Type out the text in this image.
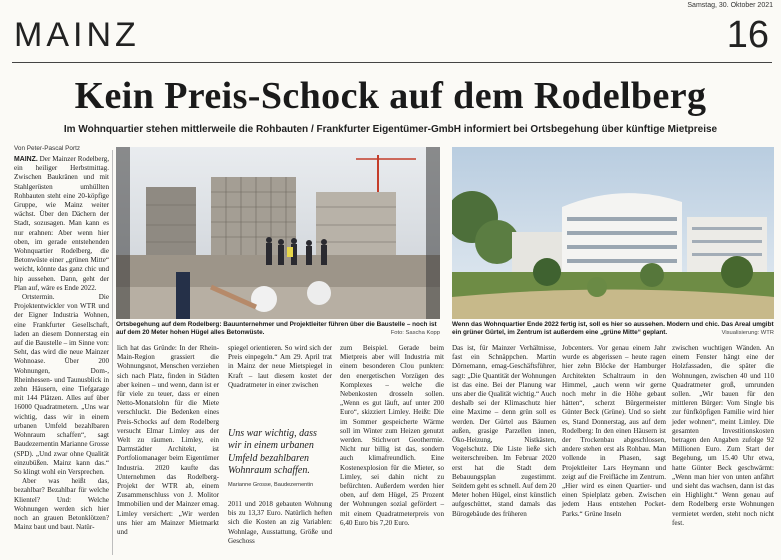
Samstag, 30. Oktober 2021
MAINZ	16
Kein Preis-Schock auf dem Rodelberg
Im Wohnquartier stehen mittlerweile die Rohbauten / Frankfurter Eigentümer-GmbH informiert bei Ortsbegehung über künftige Mietpreise
Von Peter-Pascal Portz

MAINZ. Der Mainzer Rodelberg, ein heiliger Herbstmittag. Zwischen Baukränen und mit Stahlgerüsten umhüllten Rohbauten steht eine 20-köpfige Gruppe, wie Mainz weiter wächst. Über den Dächern der Stadt, sozusagen. Man kann es nur erahnen: Aber wenn hier oben, im gerade entstehenden Wohnquartier Rodelberg, die Betonwüste einer „grünen Mitte“ weicht, könnte das ganz chic und hip aussehen. Dann, geht der Plan auf, wäre es Ende 2022.

Ortstermin. Die Projektentwickler von WTR und der Eigner Industria Wohnen, eine Frankfurter Gesellschaft, laden an diesem Donnerstag ein auf die Baustelle – im Sinne von: Seht, das wird die neue Mainzer Wohnoase. Über 200 Wohnungen, Dom-, Rheinhessen- und Taunusblick in zehn Häusern, eine Tiefgarage mit 144 Plätzen. Alles auf über 16000 Quadratmetern. „Uns war wichtig, dass wir in einem urbanen Umfeld bezahlbaren Wohnraum schaffen“, sagt Baudezernentin Marianne Grosse (SPD). „Und zwar ohne Qualität einzubüßen. Mainz kann das.“ So klingt wohl ein Versprechen.

Aber was heißt das, bezahlbar? Bezahlbar für welche Klientel? Und: Welche Wohnungen werden sich hier noch an grauen Betonklötzen? Mainz baut und baut. Natür-

Ortsbegehung auf dem Rodelberg: Bauunternehmer und Projektleiter führen über die Baustelle – noch ist auf dem 20 Meter hohen Hügel alles Betonwüste.	Foto: Sascha Kopp
Wenn das Wohnquartier Ende 2022 fertig ist, soll es hier so aussehen. Modern und chic. Das Areal umgibt ein grüner Gürtel, im Zentrum ist außerdem eine „grüne Mitte“ geplant.	Visualisierung: WTR
lich hat das Gründe: In der Rhein-Main-Region grassiert die Wohnungsnot, Menschen verziehen sich nach Platz, finden in Städten aber keinen – und wenn, dann ist er für viele zu teuer, dass er einen Netto-Monatslohn für die Miete verschluckt. Die Bedenken eines Preis-Schocks auf dem Rodelberg versucht Elmar Limley aus der Welt zu räumen. Limley, ein Darmstädter Architekt, ist Portfoliomanager beim Eigentümer Industria. 2020 kaufte das Unternehmen das Rodelberg-Projekt der WTR ab, einem Zusammenschluss von J. Molitor Immobilien und der Mainzer emag. Limley versichert: „Wir werden uns hier am Mainzer Mietmarkt und
spiegel orientieren. So wird sich der Preis einpegeln.“ Am 29. April trat in Mainz der neue Mietspiegel in Kraft – laut diesem kostet der Quadratmeter in einer zwischen
Uns war wichtig, dass wir in einem urbanen Umfeld bezahlbaren Wohnraum schaffen.
Marianne Grosse, Baudezernentin
2011 und 2018 gebauten Wohnung bis zu 13,37 Euro. Natürlich heften sich die Kosten an zig Variablen: Wohnlage, Ausstattung, Größe und Geschoss
zum Beispiel. Gerade beim Mietpreis aber will Industria mit einem besonderen Clou punkten: den energetischen Vorzügen des Komplexes – welche die Nebenkosten drosseln sollen. „Wenn es gut läuft, auf unter 200 Euro“, skizziert Limley. Heißt: Die im Sommer gespeicherte Wärme soll im Winter zum Heizen genutzt werden. Stichwort Geothermie. Nicht nur billig ist das, sondern auch klimafreundlich. Eine Kostenexplosion für die Mieter, so Limley, sei dahin nicht zu befürchten. Außerdem werden hier oben, auf dem Hügel, 25 Prozent der Wohnungen sozial gefördert – mit einem Quadratmeterpreis von 6,40 Euro bis 7,20 Euro.
Das ist, für Mainzer Verhältnisse, fast ein Schnäppchen. Martin Dörnemann, emag-Geschäftsführer, sagt: „Die Quantität der Wohnungen ist das eine. Bei der Planung war uns aber die Qualität wichtig.“ Auch deshalb sei der Klimaschutz hier eine Maxime – denn grün soll es werden. Der Gürtel aus Bäumen außen, grasige Parzellen innen, Öko-Heizung, Nistkästen, Vogelschutz. Die Liste ließe sich weiterschreiben. Im Februar 2020 erst hat die Stadt dem Bebauungsplan zugestimmt. Seitdem geht es schnell. Auf dem 20 Meter hohen Hügel, einst künstlich aufgeschüttet, stand damals das Bürogebäude des früheren
Jobcenters. Vor genau einem Jahr wurde es abgerissen – heute ragen hier zehn Blöcke der Hamburger Architekten Schaltraum in den Himmel, „auch wenn wir gerne noch mehr in die Höhe gebaut hätten“, scherzt Bürgermeister Günter Beck (Grüne). Und so sieht es, Stand Donnerstag, aus auf dem Rodelberg: In den einen Häusern ist der Trockenbau abgeschlossen, andere stehen erst als Rohbau. Man vollende in Phasen, sagt Projektleiter Lars Heymann und zeigt auf die Freifläche im Zentrum. „Hier wird es einen Quartier- und einen Spielplatz geben. Zwischen jedem Haus entstehen Pocket-Parks.“ Grüne Inseln
zwischen wuchtigen Wänden. An einem Fenster hängt eine der Holzfassaden, die später die Wohnungen, zwischen 40 und 110 Quadratmeter groß, umrunden sollen. „Wir bauen für den mittleren Bürger: Vom Single bis zur fünfköpfigen Familie wird hier jeder wohnen“, meint Limley. Die gesamten Investitionskosten betragen den Angaben zufolge 92 Millionen Euro. Zum Start der Begehung, um 15.40 Uhr etwa, hatte Günter Beck geschwärmt: „Wenn man hier von unten anfährt und sieht das wachsen, dann ist das ein Highlight.“ Wenn genau auf dem Rodelberg erste Wohnungen vermietet werden, steht noch nicht fest.
